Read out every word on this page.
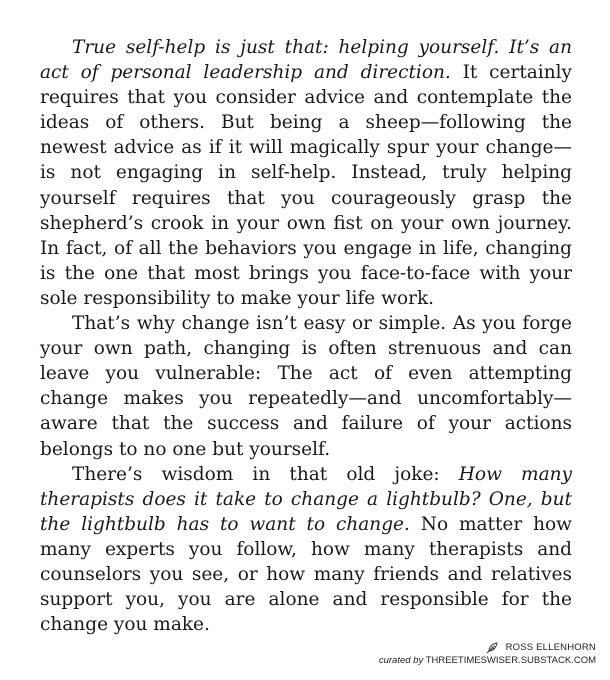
True self-help is just that: helping yourself. It’s an act of personal leadership and direction. It certainly requires that you consider advice and contemplate the ideas of others. But being a sheep—following the newest advice as if it will magically spur your change—is not engaging in self-help. Instead, truly helping yourself requires that you courageously grasp the shepherd’s crook in your own fist on your own journey. In fact, of all the behaviors you engage in life, changing is the one that most brings you face-to-face with your sole responsibility to make your life work.

That’s why change isn’t easy or simple. As you forge your own path, changing is often strenuous and can leave you vulnerable: The act of even attempting change makes you repeatedly—and uncomfortably—aware that the success and failure of your actions belongs to no one but yourself.

There’s wisdom in that old joke: How many therapists does it take to change a lightbulb? One, but the lightbulb has to want to change. No matter how many experts you follow, how many therapists and counselors you see, or how many friends and relatives support you, you are alone and responsible for the change you make.

ROSS ELLENHORN
curated by THREETIMESWISER.SUBSTACK.COM
